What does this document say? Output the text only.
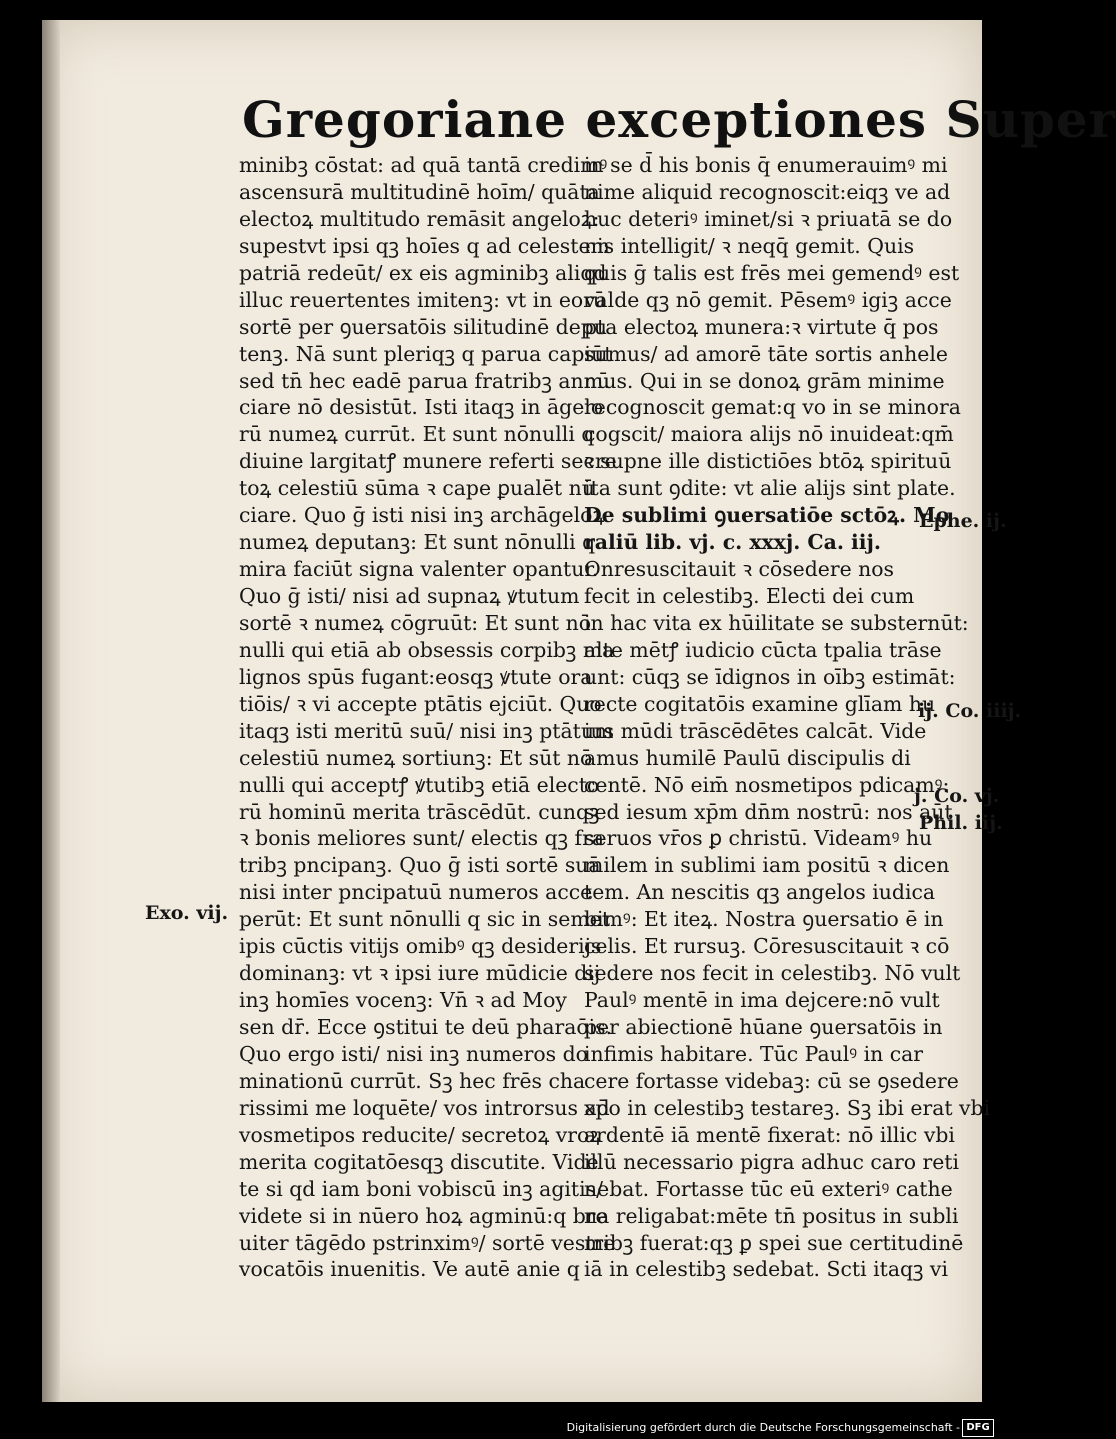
Gregoriane exceptiones Super
minibꝫ cōstat: ad quā tantā credimꝰ
ascensurā multitudinē hoīm/ quāta
electoꝝ multitudo remāsit angeloꝝ:
supestvt ipsi qꝫ hoīes q ad celestem
patriā redeūt/ ex eis agminibꝫ aliqd
illuc reuertentes imitenꝫ: vt in eorū
sortē per ꝯuersatōis silitudinē depu
tenꝫ. Nā sunt pleriqꝫ q parua capiūt
sed tn̄ hec eadē parua fratribꝫ annū
ciare nō desistūt. Isti itaqꝫ in āgelo
rū numeꝝ currūt. Et sunt nōnulli q
diuine largitatꝭ munere referti secre
toꝝ celestiū sūma ꝛ cape ꝑualēt nū
ciare. Quo ḡ isti nisi inꝫ archāgeloꝝ
numeꝝ deputanꝫ: Et sunt nōnulli q
mira faciūt signa valenter opantur.
Quo ḡ isti/ nisi ad supnaꝝ ꝟtutum
sortē ꝛ numeꝝ cōgruūt: Et sunt nō
nulli qui etiā ab obsessis corpibꝫ ma
lignos spūs fugant:eosqꝫ ꝟtute ora
tiōis/ ꝛ vi accepte ptātis ejciūt. Quo
itaqꝫ isti meritū suū/ nisi inꝫ ptātum
celestiū numeꝝ sortiunꝫ: Et sūt nō
nulli qui acceptꝭ ꝟtutibꝫ etiā electo
rū hominū merita trāscēdūt. cunqꝫ
ꝛ bonis meliores sunt/ electis qꝫ fra
tribꝫ pncipanꝫ. Quo ḡ isti sortē suā
nisi inter pncipatuū numeros acce
perūt: Et sunt nōnulli q sic in semet
ipis cūctis vitijs omibꝰ qꝫ desiderijs
dominanꝫ: vt ꝛ ipsi iure mūdicie dij
inꝫ homīes vocenꝫ: Vn̄ ꝛ ad Moy
sen dr̄. Ecce ꝯstitui te deū pharaōis.
Quo ergo isti/ nisi inꝫ numeros do
minationū currūt. Sꝫ hec frēs cha
rissimi me loquēte/ vos introrsus ad
vosmetipos reducite/ secretoꝝ vroꝝ
merita cogitatōesqꝫ discutite. Vide
te si qd iam boni vobiscū inꝫ agitis/
videte si in nūero hoꝝ agminū:q bre
uiter tāgēdo pstrinximꝰ/ sortē vestre
vocatōis inuenitis. Ve autē anie q
in se d̄ his bonis q̄ enumerauimꝰ mi
nime aliquid recognoscit:eiqꝫ ve ad
huc deteriꝰ iminet/si ꝛ priuatā se do
nis intelligit/ ꝛ neqq̄ gemit. Quis
quis ḡ talis est frēs mei gemendꝰ est
valde qꝫ nō gemit. Pēsemꝰ igiꝫ acce
pta electoꝝ munera:ꝛ virtute q̄ pos
sumus/ ad amorē tāte sortis anhele
mus. Qui in se donoꝝ grām minime
recognoscit gemat:q vo in se minora
cogscit/ maiora alijs nō inuideat:qm̄
ꝛ supne ille distictiōes btōꝝ spirituū
ita sunt ꝯdite: vt alie alijs sint plate.
De sublimi ꝯuersatiōe sctōꝝ. Mo
raliū lib. vj. c. xxxj. Ca. iij.
Onresuscitauit ꝛ cōsedere nos
fecit in celestibꝫ. Electi dei cum
in hac vita ex hūilitate se substernūt:
alte mētꝭ iudicio cūcta tpalia trāse
unt: cūqꝫ se īdignos in oībꝫ estimāt:
recte cogitatōis examine glīam hu
ius mūdi trāscēdētes calcāt. Vide
amus humilē Paulū discipulis di
centē. Nō eim̄ nosmetipos pdicamꝰ:
sed iesum xp̄m dn̄m nostrū: nos aūt
seruos vr̄os ꝑ christū. Videamꝰ hu
milem in sublimi iam positū ꝛ dicen
tem. An nescitis qꝫ angelos iudica
bimꝰ: Et iteꝝ. Nostra ꝯuersatio ē in
celis. Et rursuꝫ. Cōresuscitauit ꝛ cō
sedere nos fecit in celestibꝫ. Nō vult
Paulꝰ mentē in ima dejcere:nō vult
per abiectionē hūane ꝯuersatōis in
infimis habitare. Tūc Paulꝰ in car
cere fortasse videbaꝫ: cū se ꝯsedere
xp̄o in celestibꝫ testareꝫ. Sꝫ ibi erat vbi
ardentē iā mentē fixerat: nō illic vbi
illū necessario pigra adhuc caro reti
nebat. Fortasse tūc eū exteriꝰ cathe
na religabat:mēte tn̄ positus in subli
mibꝫ fuerat:qꝫ ꝑ spei sue certitudinē
iā in celestibꝫ sedebat. Scti itaqꝫ vi
Exo. vij.
Ephe. ij.
ij. Co. iiij.
j. Co. vj.
Phil. iij.
Digitalisierung gefördert durch die Deutsche Forschungsgemeinschaft - DFG
